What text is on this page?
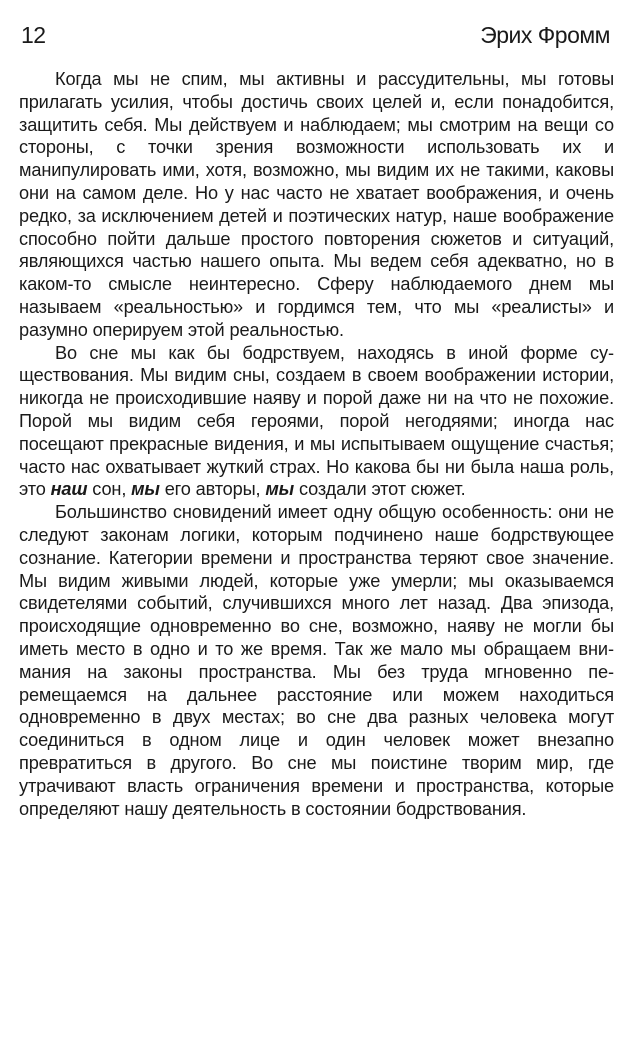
12	Эрих Фромм

Когда мы не спим, мы активны и рассудительны, мы готовы прилагать усилия, чтобы достичь своих целей и, если понадобится, защитить себя. Мы действуем и наблюдаем; мы смотрим на вещи со стороны, с точки зрения возможности использовать их и манипулировать ими, хотя, возможно, мы видим их не такими, каковы они на самом деле. Но у нас часто не хватает воображения, и очень редко, за исключением детей и поэтических натур, наше воображение способно пойти дальше простого повторения сюжетов и ситуаций, являющихся частью нашего опыта. Мы ведем себя адекватно, но в каком-то смысле неинтересно. Сферу наблюдаемого днем мы называем «реальностью» и гордимся тем, что мы «реалисты» и разумно оперируем этой реальностью.

Во сне мы как бы бодрствуем, находясь в иной форме существования. Мы видим сны, создаем в своем воображении истории, никогда не происходившие наяву и порой даже ни на что не похожие. Порой мы видим себя героями, порой негодяями; иногда нас посещают прекрасные видения, и мы испытываем ощущение счастья; часто нас охватывает жуткий страх. Но какова бы ни была наша роль, это наш сон, мы его авторы, мы создали этот сюжет.

Большинство сновидений имеет одну общую особенность: они не следуют законам логики, которым подчинено наше бодрствующее сознание. Категории времени и пространства теряют свое значение. Мы видим живыми людей, которые уже умерли; мы оказываемся свидетелями событий, случившихся много лет назад. Два эпизода, происходящие одновременно во сне, возможно, наяву не могли бы иметь место в одно и то же время. Так же мало мы обращаем внимания на законы пространства. Мы без труда мгновенно перемещаемся на дальнее расстояние или можем находиться одновременно в двух местах; во сне два разных человека могут соединиться в одном лице и один человек может внезапно превратиться в другого. Во сне мы поистине творим мир, где утрачивают власть ограничения времени и пространства, которые определяют нашу деятельность в состоянии бодрствования.
